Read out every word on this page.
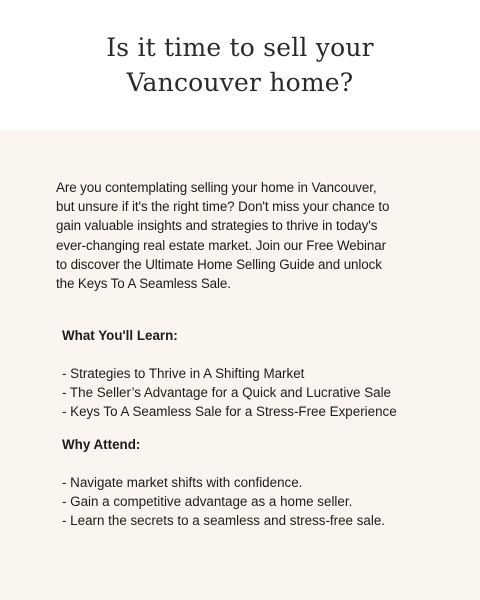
Is it time to sell your
Vancouver home?

Are you contemplating selling your home in Vancouver,
but unsure if it's the right time? Don't miss your chance to
gain valuable insights and strategies to thrive in today's
ever-changing real estate market. Join our Free Webinar
to discover the Ultimate Home Selling Guide and unlock
the Keys To A Seamless Sale.

What You'll Learn:
- Strategies to Thrive in A Shifting Market
- The Seller’s Advantage for a Quick and Lucrative Sale
- Keys To A Seamless Sale for a Stress-Free Experience
Why Attend:
- Navigate market shifts with confidence.
- Gain a competitive advantage as a home seller.
- Learn the secrets to a seamless and stress-free sale.
